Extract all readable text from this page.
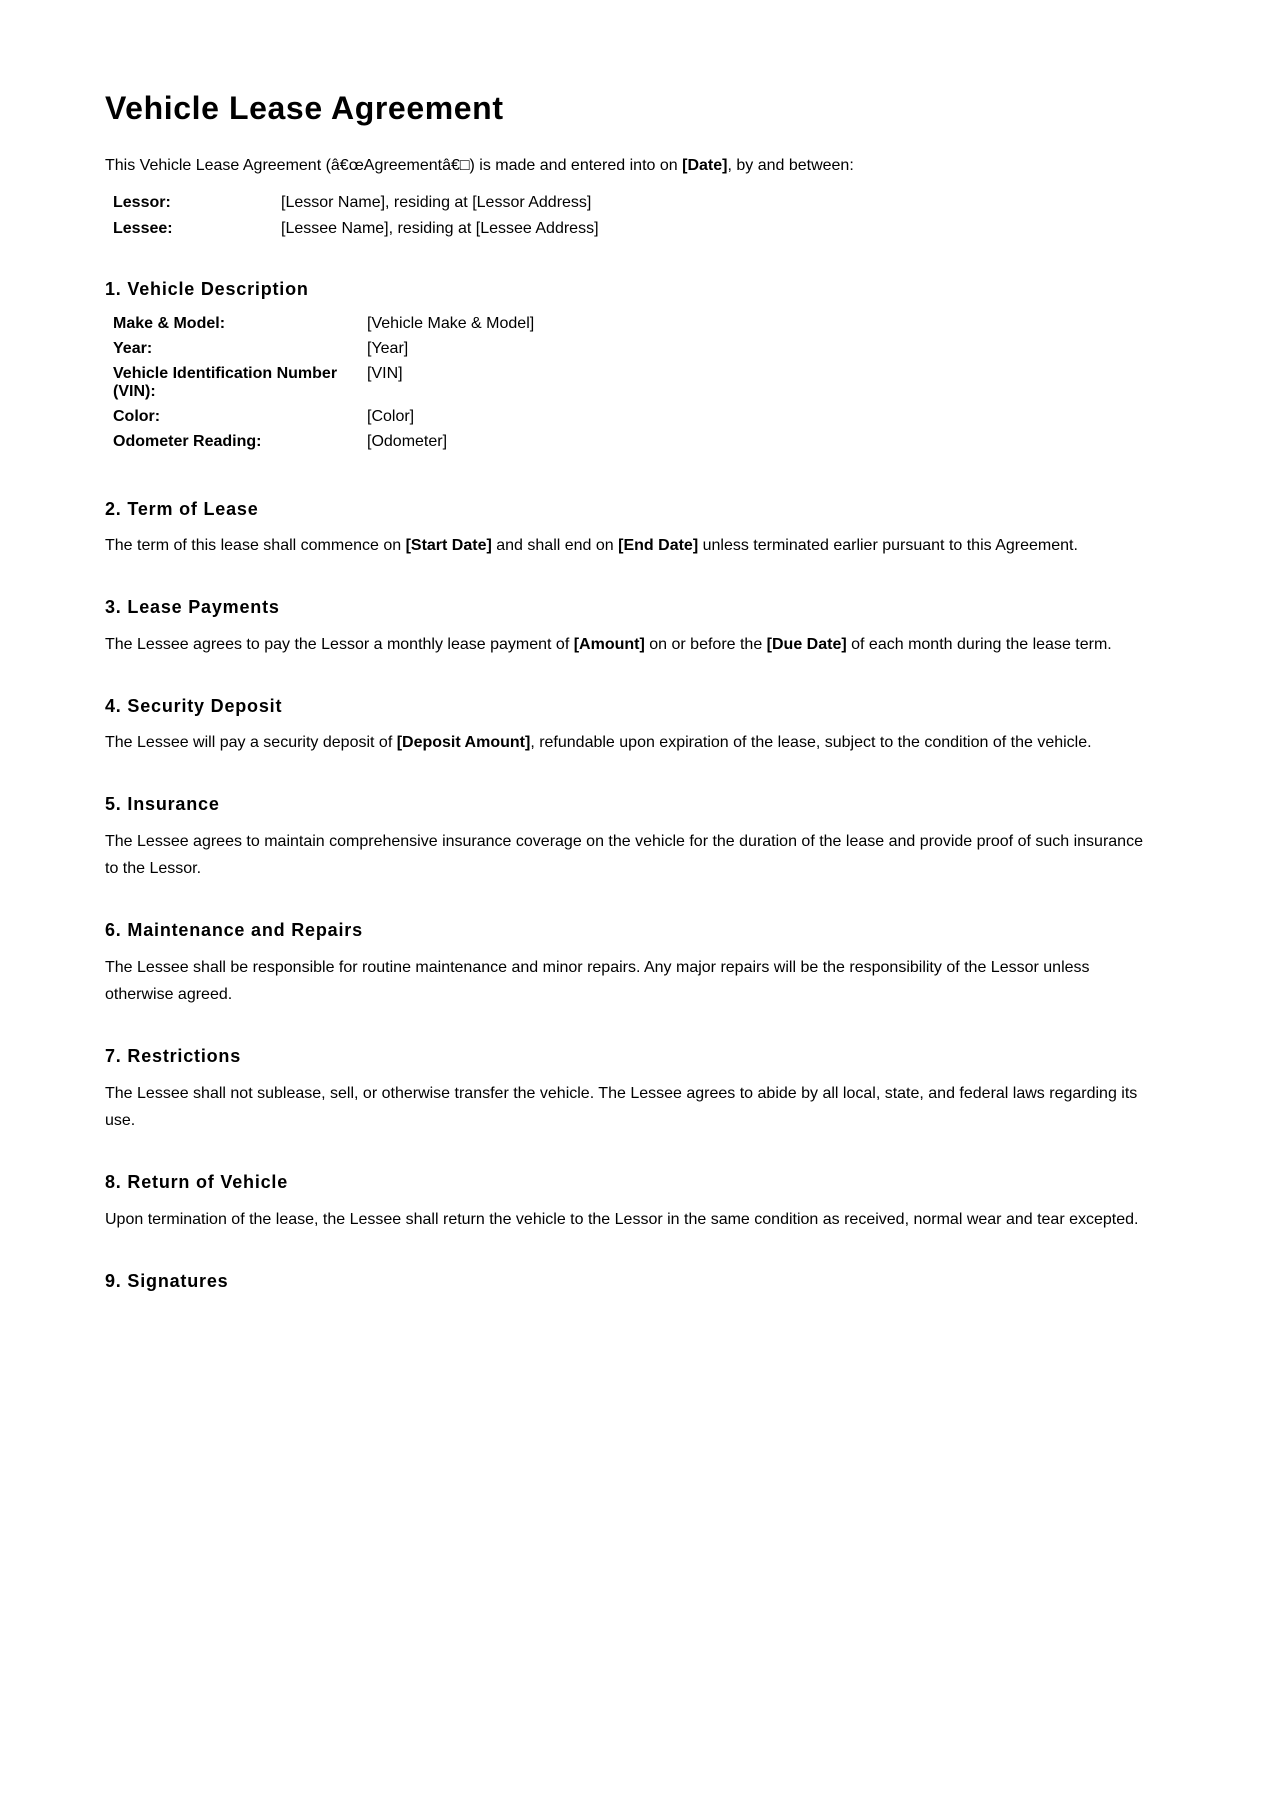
Vehicle Lease Agreement

This Vehicle Lease Agreement (â€œAgreementâ€□) is made and entered into on [Date], by and between:

Lessor:	[Lessor Name], residing at [Lessor Address]
Lessee:	[Lessee Name], residing at [Lessee Address]
1. Vehicle Description
Make & Model:	[Vehicle Make & Model]
Year:	[Year]
Vehicle Identification Number (VIN):
[VIN]
Color:	[Color]
Odometer Reading:	[Odometer]
2. Term of Lease

The term of this lease shall commence on [Start Date] and shall end on [End Date] unless terminated earlier pursuant to this Agreement.

3. Lease Payments

The Lessee agrees to pay the Lessor a monthly lease payment of [Amount] on or before the [Due Date] of each month during the lease term.

4. Security Deposit

The Lessee will pay a security deposit of [Deposit Amount], refundable upon expiration of the lease, subject to the condition of the vehicle.

5. Insurance

The Lessee agrees to maintain comprehensive insurance coverage on the vehicle for the duration of the lease and provide proof of such insurance to the Lessor.

6. Maintenance and Repairs

The Lessee shall be responsible for routine maintenance and minor repairs. Any major repairs will be the responsibility of the Lessor unless otherwise agreed.

7. Restrictions

The Lessee shall not sublease, sell, or otherwise transfer the vehicle. The Lessee agrees to abide by all local, state, and federal laws regarding its use.

8. Return of Vehicle

Upon termination of the lease, the Lessee shall return the vehicle to the Lessor in the same condition as received, normal wear and tear excepted.

9. Signatures
